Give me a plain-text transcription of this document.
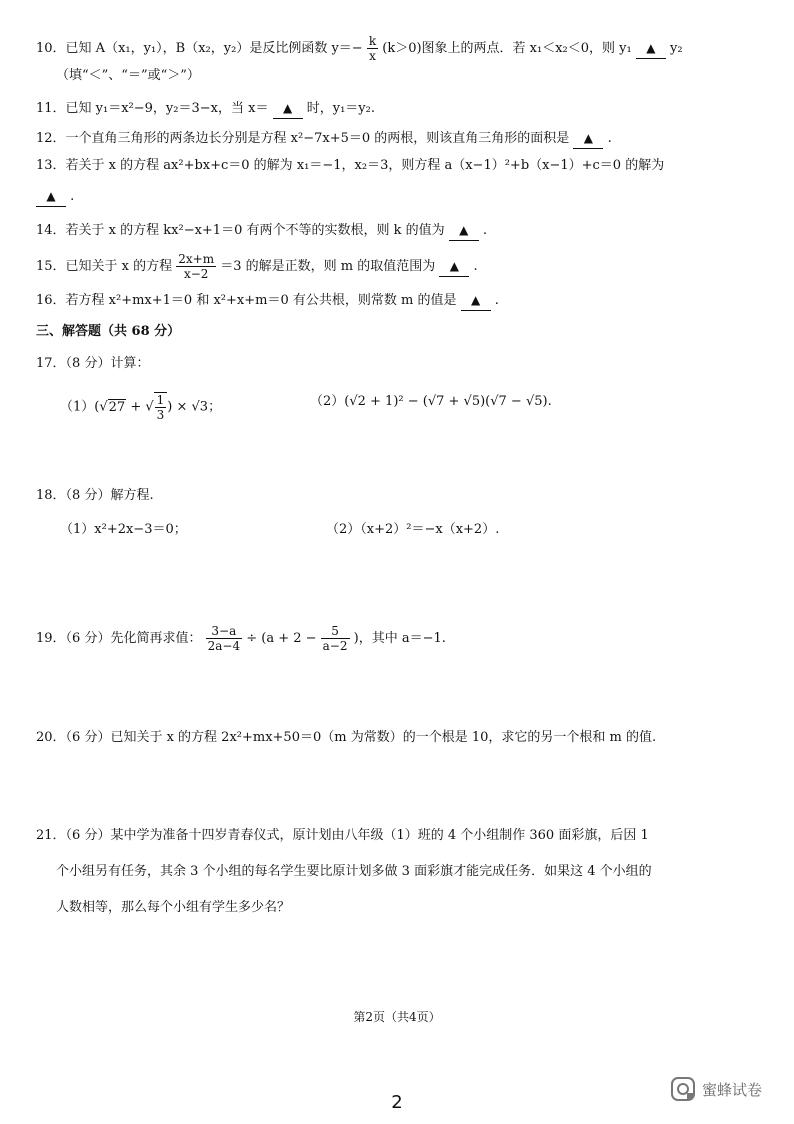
10．已知 A（x₁，y₁），B（x₂，y₂）是反比例函数 $y=- \frac{k}{x} (k>0)$图象上的两点．若 x₁＜x₂＜0，则 y₁ ▲ y₂
（填“＜”、“＝”或“＞”）
11．已知 y₁＝x²−9，y₂＝3−x，当 x＝ ▲ 时，y₁＝y₂.
12．一个直角三角形的两条边长分别是方程 x²−7x+5＝0 的两根，则该直角三角形的面积是 ▲ .
13．若关于 x 的方程 ax²+bx+c＝0 的解为 x₁＝−1，x₂＝3，则方程 a（x−1）²+b（x−1）+c＝0 的解为
▲ .
14．若关于 x 的方程 kx²−x+1＝0 有两个不等的实数根，则 k 的值为 ▲ .
15．已知关于 x 的方程 $\frac{2x+m}{x-2} =3$ 的解是正数，则 m 的取值范围为 ▲ .
16．若方程 x²+mx+1＝0 和 x²+x+m＝0 有公共根，则常数 m 的值是 ▲ .
三、解答题（共 68 分）
17．（8 分）计算：
（1）(√27 + √ $\frac{1}{3}$ ) × √3；	（2）(√2 + 1)² − (√7 + √5)(√7 − √5).
18．（8 分）解方程.
（1）x²+2x−3＝0；	（2）（x+2）²＝−x（x+2）.
19．（6 分）先化简再求值： $\frac{3-a}{2a-4} \div (a + 2 - \frac{5}{a-2}$ )，其中 a＝−1.
20．（6 分）已知关于 x 的方程 2x²+mx+50＝0（m 为常数）的一个根是 10，求它的另一个根和 m 的值.
21．（6 分）某中学为准备十四岁青春仪式，原计划由八年级（1）班的 4 个小组制作 360 面彩旗，后因 1
个小组另有任务，其余 3 个小组的每名学生要比原计划多做 3 面彩旗才能完成任务．如果这 4 个小组的
人数相等，那么每个小组有学生多少名？
第2页（共4页）
2
蜜蜂试卷
